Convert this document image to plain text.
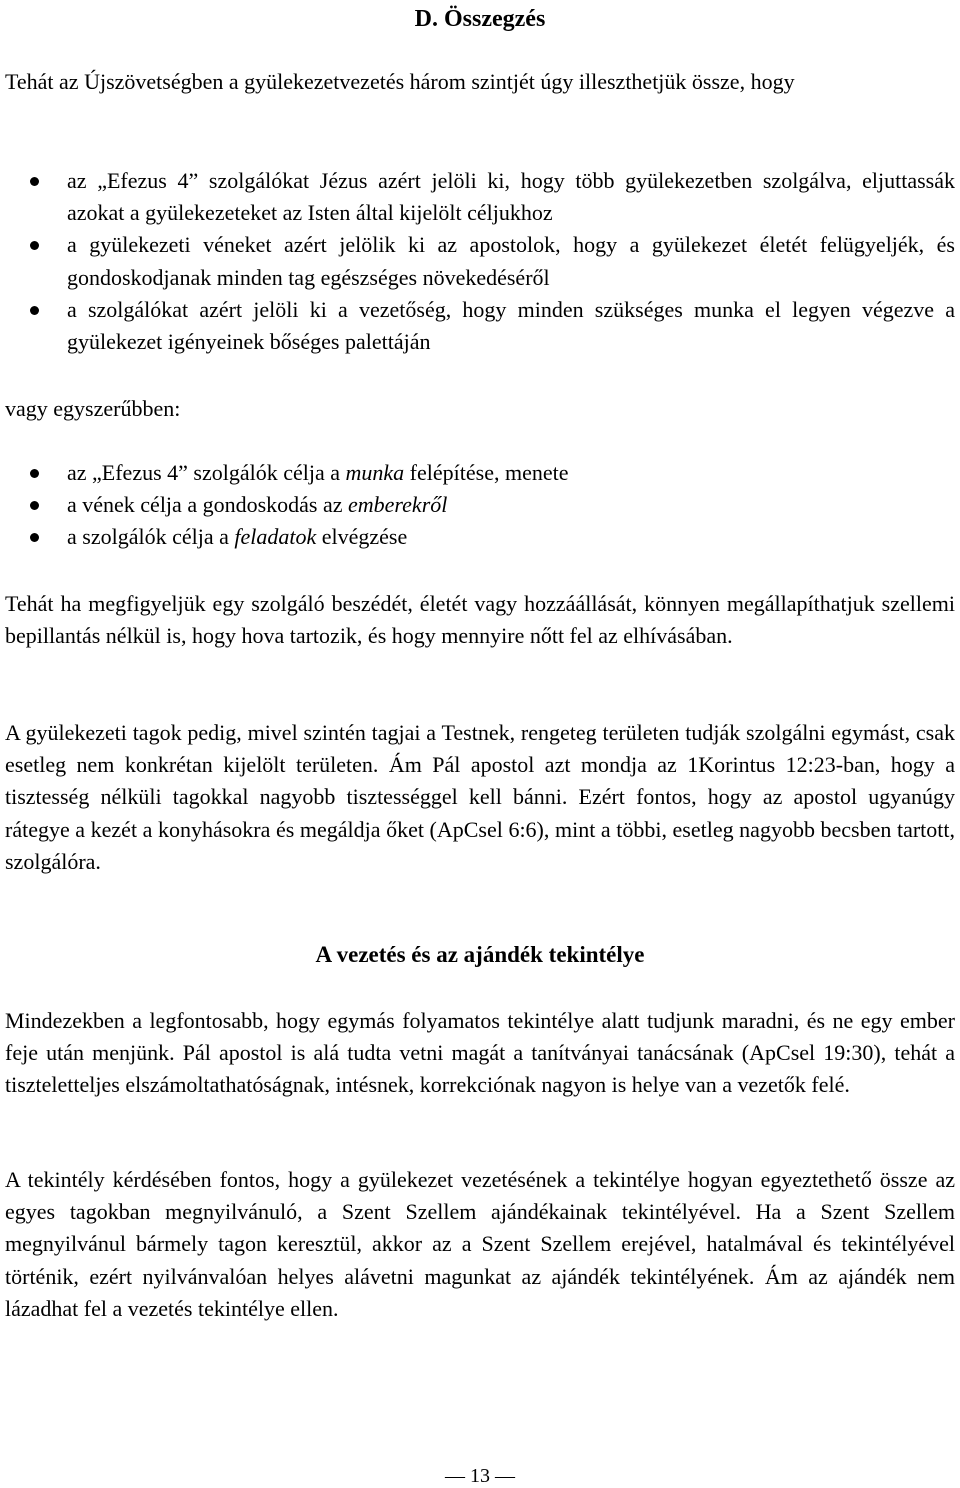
D. Összegzés

Tehát az Újszövetségben a gyülekezetvezetés három szintjét úgy illeszthetjük össze, hogy

az „Efezus 4” szolgálókat Jézus azért jelöli ki, hogy több gyülekezetben szolgálva, eljuttassák azokat a gyülekezeteket az Isten által kijelölt céljukhoz
a gyülekezeti véneket azért jelölik ki az apostolok, hogy a gyülekezet életét felügyeljék, és gondoskodjanak minden tag egészséges növekedéséről
a szolgálókat azért jelöli ki a vezetőség, hogy minden szükséges munka el legyen végezve a gyülekezet igényeinek bőséges palettáján

vagy egyszerűbben:

az „Efezus 4” szolgálók célja a munka felépítése, menete
a vének célja a gondoskodás az emberekről
a szolgálók célja a feladatok elvégzése

Tehát ha megfigyeljük egy szolgáló beszédét, életét vagy hozzáállását, könnyen megállapíthatjuk szellemi bepillantás nélkül is, hogy hova tartozik, és hogy mennyire nőtt fel az elhívásában.

A gyülekezeti tagok pedig, mivel szintén tagjai a Testnek, rengeteg területen tudják szolgálni egymást, csak esetleg nem konkrétan kijelölt területen. Ám Pál apostol azt mondja az 1Korintus 12:23-ban, hogy a tisztesség nélküli tagokkal nagyobb tisztességgel kell bánni. Ezért fontos, hogy az apostol ugyanúgy rátegye a kezét a konyhásokra és megáldja őket (ApCsel 6:6), mint a többi, esetleg nagyobb becsben tartott, szolgálóra.

A vezetés és az ajándék tekintélye

Mindezekben a legfontosabb, hogy egymás folyamatos tekintélye alatt tudjunk maradni, és ne egy ember feje után menjünk. Pál apostol is alá tudta vetni magát a tanítványai tanácsának (ApCsel 19:30), tehát a tiszteletteljes elszámoltathatóságnak, intésnek, korrekciónak nagyon is helye van a vezetők felé.

A tekintély kérdésében fontos, hogy a gyülekezet vezetésének a tekintélye hogyan egyeztethető össze az egyes tagokban megnyilvánuló, a Szent Szellem ajándékainak tekintélyével. Ha a Szent Szellem megnyilvánul bármely tagon keresztül, akkor az a Szent Szellem erejével, hatalmával és tekintélyével történik, ezért nyilvánvalóan helyes alávetni magunkat az ajándék tekintélyének. Ám az ajándék nem lázadhat fel a vezetés tekintélye ellen.

— 13 —
